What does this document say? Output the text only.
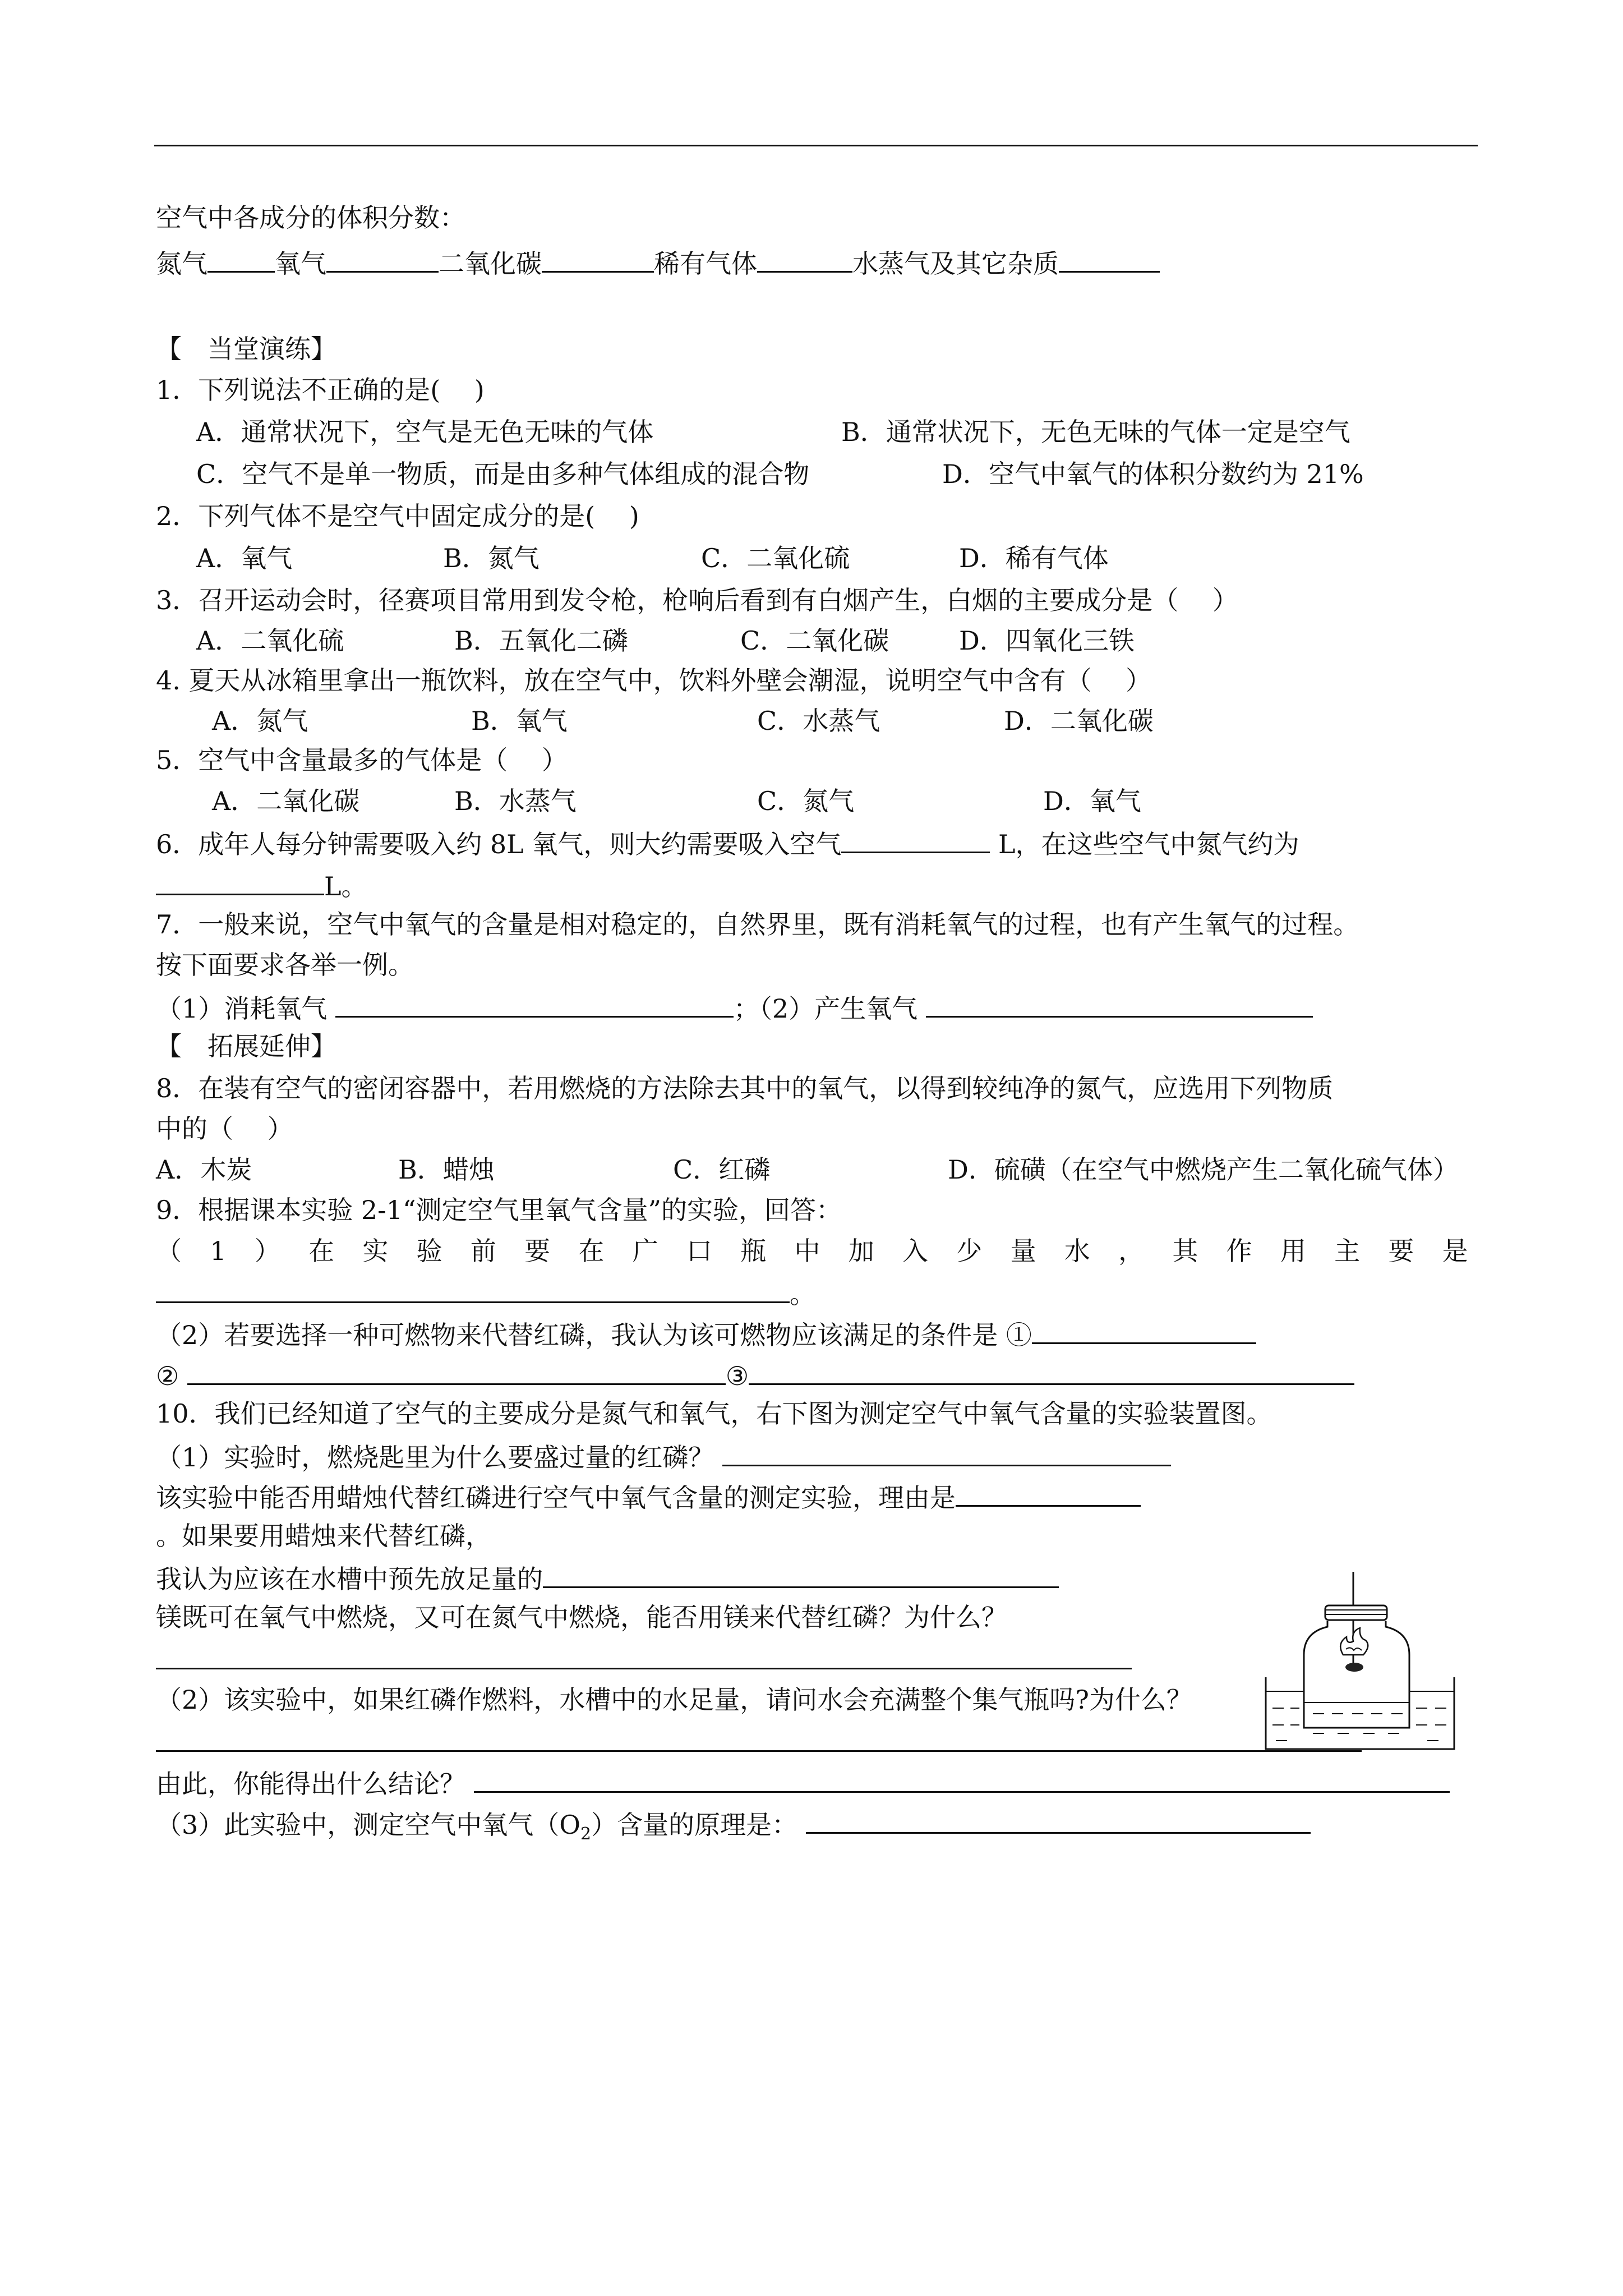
空气中各成分的体积分数：
氮气	氧气	二氧化碳	稀有气体	水蒸气及其它杂质
【　当堂演练】
1．下列说法不正确的是(　 )
A．通常状况下，空气是无色无味的气体	B．通常状况下，无色无味的气体一定是空气
C．空气不是单一物质，而是由多种气体组成的混合物	D．空气中氧气的体积分数约为 21%
2．下列气体不是空气中固定成分的是(　 )
A．氧气	B．氮气	C．二氧化硫	D．稀有气体
3．召开运动会时，径赛项目常用到发令枪，枪响后看到有白烟产生，白烟的主要成分是（　 ）
A．二氧化硫	B．五氧化二磷	C．二氧化碳	D．四氧化三铁
4. 夏天从冰箱里拿出一瓶饮料，放在空气中，饮料外壁会潮湿，说明空气中含有（　 ）
A．氮气	B．氧气	C．水蒸气	D．二氧化碳
5．空气中含量最多的气体是（　 ）
A．二氧化碳	B．水蒸气	C．氮气	D．氧气
6．成年人每分钟需要吸入约 8L 氧气，则大约需要吸入空气	L，在这些空气中氮气约为
L。
7．一般来说，空气中氧气的含量是相对稳定的，自然界里，既有消耗氧气的过程，也有产生氧气的过程。
按下面要求各举一例。
（1）消耗氧气	；（2）产生氧气
【　拓展延伸】
8．在装有空气的密闭容器中，若用燃烧的方法除去其中的氧气，以得到较纯净的氮气，应选用下列物质
中的（　 ）
A．木炭	B．蜡烛	C．红磷	D．硫磺（在空气中燃烧产生二氧化硫气体）
9．根据课本实验 2-1“测定空气里氧气含量”的实验，回答：
（ 1 ） 在 实 验 前 要 在 广 口 瓶 中 加 入 少 量 水 ， 其 作 用 主 要 是
。
（2）若要选择一种可燃物来代替红磷，我认为该可燃物应该满足的条件是 ①
②	③
10．我们已经知道了空气的主要成分是氮气和氧气，右下图为测定空气中氧气含量的实验装置图。
（1）实验时，燃烧匙里为什么要盛过量的红磷？
该实验中能否用蜡烛代替红磷进行空气中氧气含量的测定实验，理由是
。如果要用蜡烛来代替红磷，
我认为应该在水槽中预先放足量的
镁既可在氧气中燃烧，又可在氮气中燃烧，能否用镁来代替红磷？为什么？
（2）该实验中，如果红磷作燃料，水槽中的水足量，请问水会充满整个集气瓶吗?为什么？
由此，你能得出什么结论？
（3）此实验中，测定空气中氧气$(O_2)$含量的原理是：
